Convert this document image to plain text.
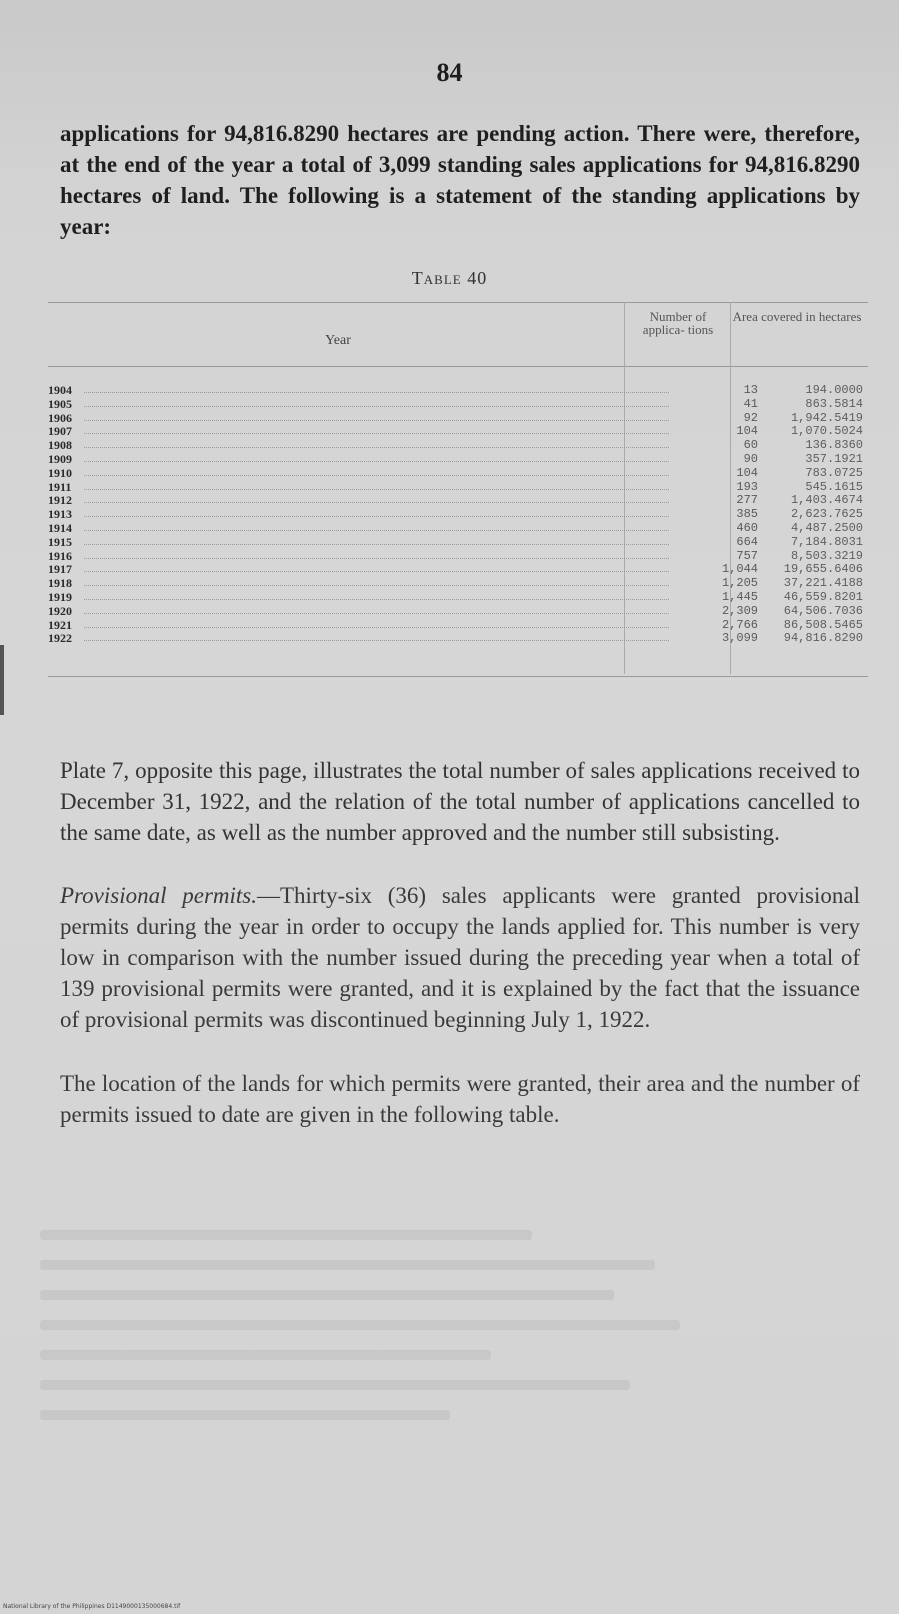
84

applications for 94,816.8290 hectares are pending action. There were, therefore, at the end of the year a total of 3,099 standing sales applications for 94,816.8290 hectares of land. The following is a statement of the standing applications by year:

Table 40
Year
Number of applica- tions
Area covered in hectares
1904	13	194.0000
1905	41	863.5814
1906	92	1,942.5419
1907	104	1,070.5024
1908	60	136.8360
1909	90	357.1921
1910	104	783.0725
1911	193	545.1615
1912	277	1,403.4674
1913	385	2,623.7625
1914	460	4,487.2500
1915	664	7,184.8031
1916	757	8,503.3219
1917	1,044	19,655.6406
1918	1,205	37,221.4188
1919	1,445	46,559.8201
1920	2,309	64,506.7036
1921	2,766	86,508.5465
1922	3,099	94,816.8290

Plate 7, opposite this page, illustrates the total number of sales applications received to December 31, 1922, and the relation of the total number of applications cancelled to the same date, as well as the number approved and the number still subsisting.

Provisional permits.—Thirty-six (36) sales applicants were granted provisional permits during the year in order to occupy the lands applied for. This number is very low in comparison with the number issued during the preceding year when a total of 139 provisional permits were granted, and it is explained by the fact that the issuance of provisional permits was discontinued beginning July 1, 1922.

The location of the lands for which permits were granted, their area and the number of permits issued to date are given in the following table.

National Library of the Philippines D1149000135000684.tif
